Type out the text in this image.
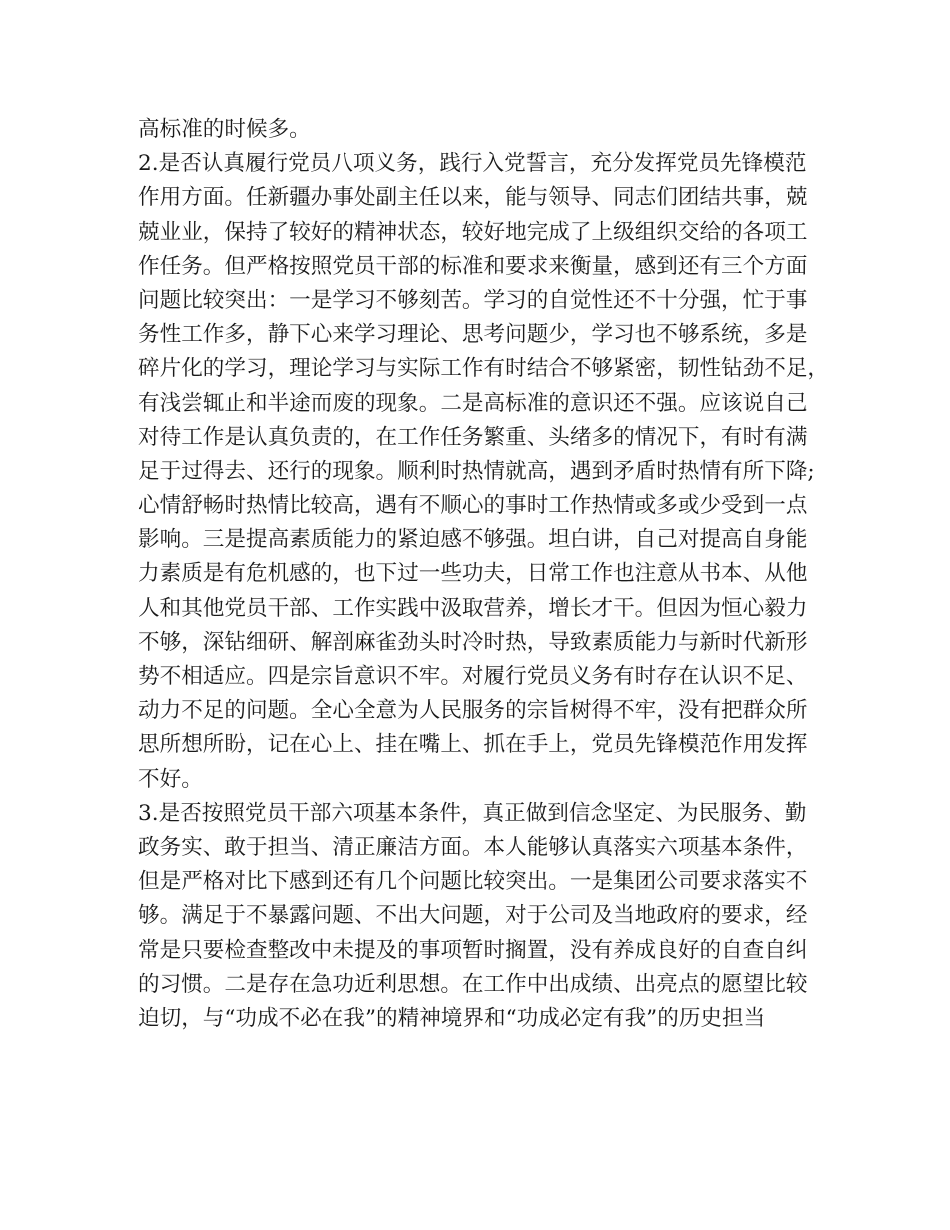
高标准的时候多。
2.是否认真履行党员八项义务，践行入党誓言，充分发挥党员先锋模范
作用方面。任新疆办事处副主任以来，能与领导、同志们团结共事，兢
兢业业，保持了较好的精神状态，较好地完成了上级组织交给的各项工
作任务。但严格按照党员干部的标准和要求来衡量，感到还有三个方面
问题比较突出：一是学习不够刻苦。学习的自觉性还不十分强，忙于事
务性工作多，静下心来学习理论、思考问题少，学习也不够系统，多是
碎片化的学习，理论学习与实际工作有时结合不够紧密，韧性钻劲不足，
有浅尝辄止和半途而废的现象。二是高标准的意识还不强。应该说自己
对待工作是认真负责的，在工作任务繁重、头绪多的情况下，有时有满
足于过得去、还行的现象。顺利时热情就高，遇到矛盾时热情有所下降;
心情舒畅时热情比较高，遇有不顺心的事时工作热情或多或少受到一点
影响。三是提高素质能力的紧迫感不够强。坦白讲，自己对提高自身能
力素质是有危机感的，也下过一些功夫，日常工作也注意从书本、从他
人和其他党员干部、工作实践中汲取营养，增长才干。但因为恒心毅力
不够，深钻细研、解剖麻雀劲头时冷时热，导致素质能力与新时代新形
势不相适应。四是宗旨意识不牢。对履行党员义务有时存在认识不足、
动力不足的问题。全心全意为人民服务的宗旨树得不牢，没有把群众所
思所想所盼，记在心上、挂在嘴上、抓在手上，党员先锋模范作用发挥
不好。
3.是否按照党员干部六项基本条件，真正做到信念坚定、为民服务、勤
政务实、敢于担当、清正廉洁方面。本人能够认真落实六项基本条件，
但是严格对比下感到还有几个问题比较突出。一是集团公司要求落实不
够。满足于不暴露问题、不出大问题，对于公司及当地政府的要求，经
常是只要检查整改中未提及的事项暂时搁置，没有养成良好的自查自纠
的习惯。二是存在急功近利思想。在工作中出成绩、出亮点的愿望比较
迫切，与“功成不必在我”的精神境界和“功成必定有我”的历史担当
